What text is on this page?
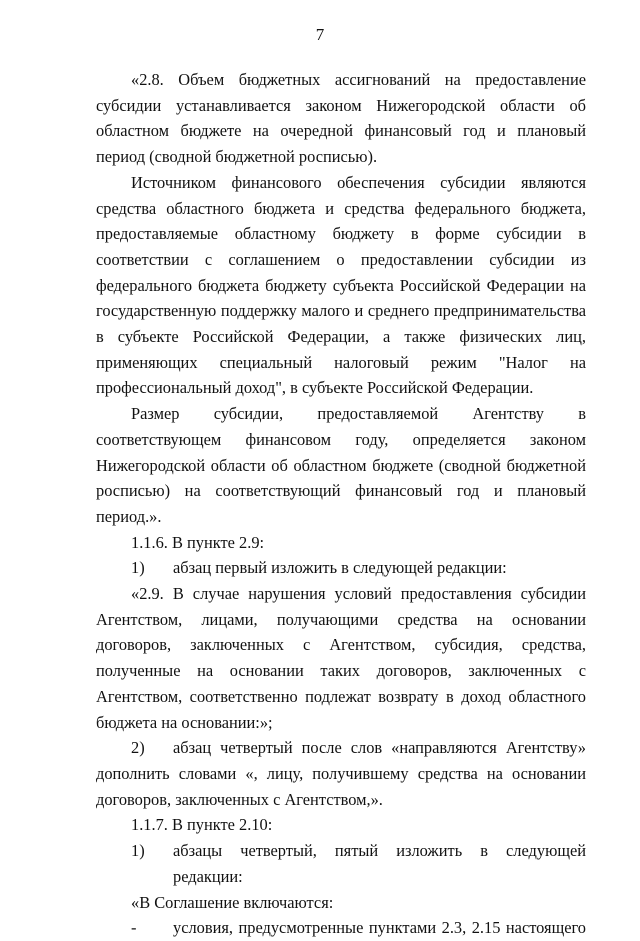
7

«2.8. Объем бюджетных ассигнований на предоставление субсидии устанавливается законом Нижегородской области об областном бюджете на очередной финансовый год и плановый период (сводной бюджетной росписью).

Источником финансового обеспечения субсидии являются средства областного бюджета и средства федерального бюджета, предоставляемые областному бюджету в форме субсидии в соответствии с соглашением о предоставлении субсидии из федерального бюджета бюджету субъекта Российской Федерации на государственную поддержку малого и среднего предпринимательства в субъекте Российской Федерации, а также физических лиц, применяющих специальный налоговый режим "Налог на профессиональный доход", в субъекте Российской Федерации.

Размер субсидии, предоставляемой Агентству в соответствующем финансовом году, определяется законом Нижегородской области об областном бюджете (сводной бюджетной росписью) на соответствующий финансовый год и плановый период.».

1.1.6. В пункте 2.9:

1)	абзац первый изложить в следующей редакции:

«2.9. В случае нарушения условий предоставления субсидии Агентством, лицами, получающими средства на основании договоров, заключенных с Агентством, субсидия, средства, полученные на основании таких договоров, заключенных с Агентством, соответственно подлежат возврату в доход областного бюджета на основании:»;

2) абзац четвертый после слов «направляются Агентству» дополнить словами «, лицу, получившему средства на основании договоров, заключенных с Агентством,».

1.1.7. В пункте 2.10:

1)	абзацы четвертый, пятый изложить в следующей редакции:

«В Соглашение включаются:

-	условия, предусмотренные пунктами 2.3, 2.15 настоящего
